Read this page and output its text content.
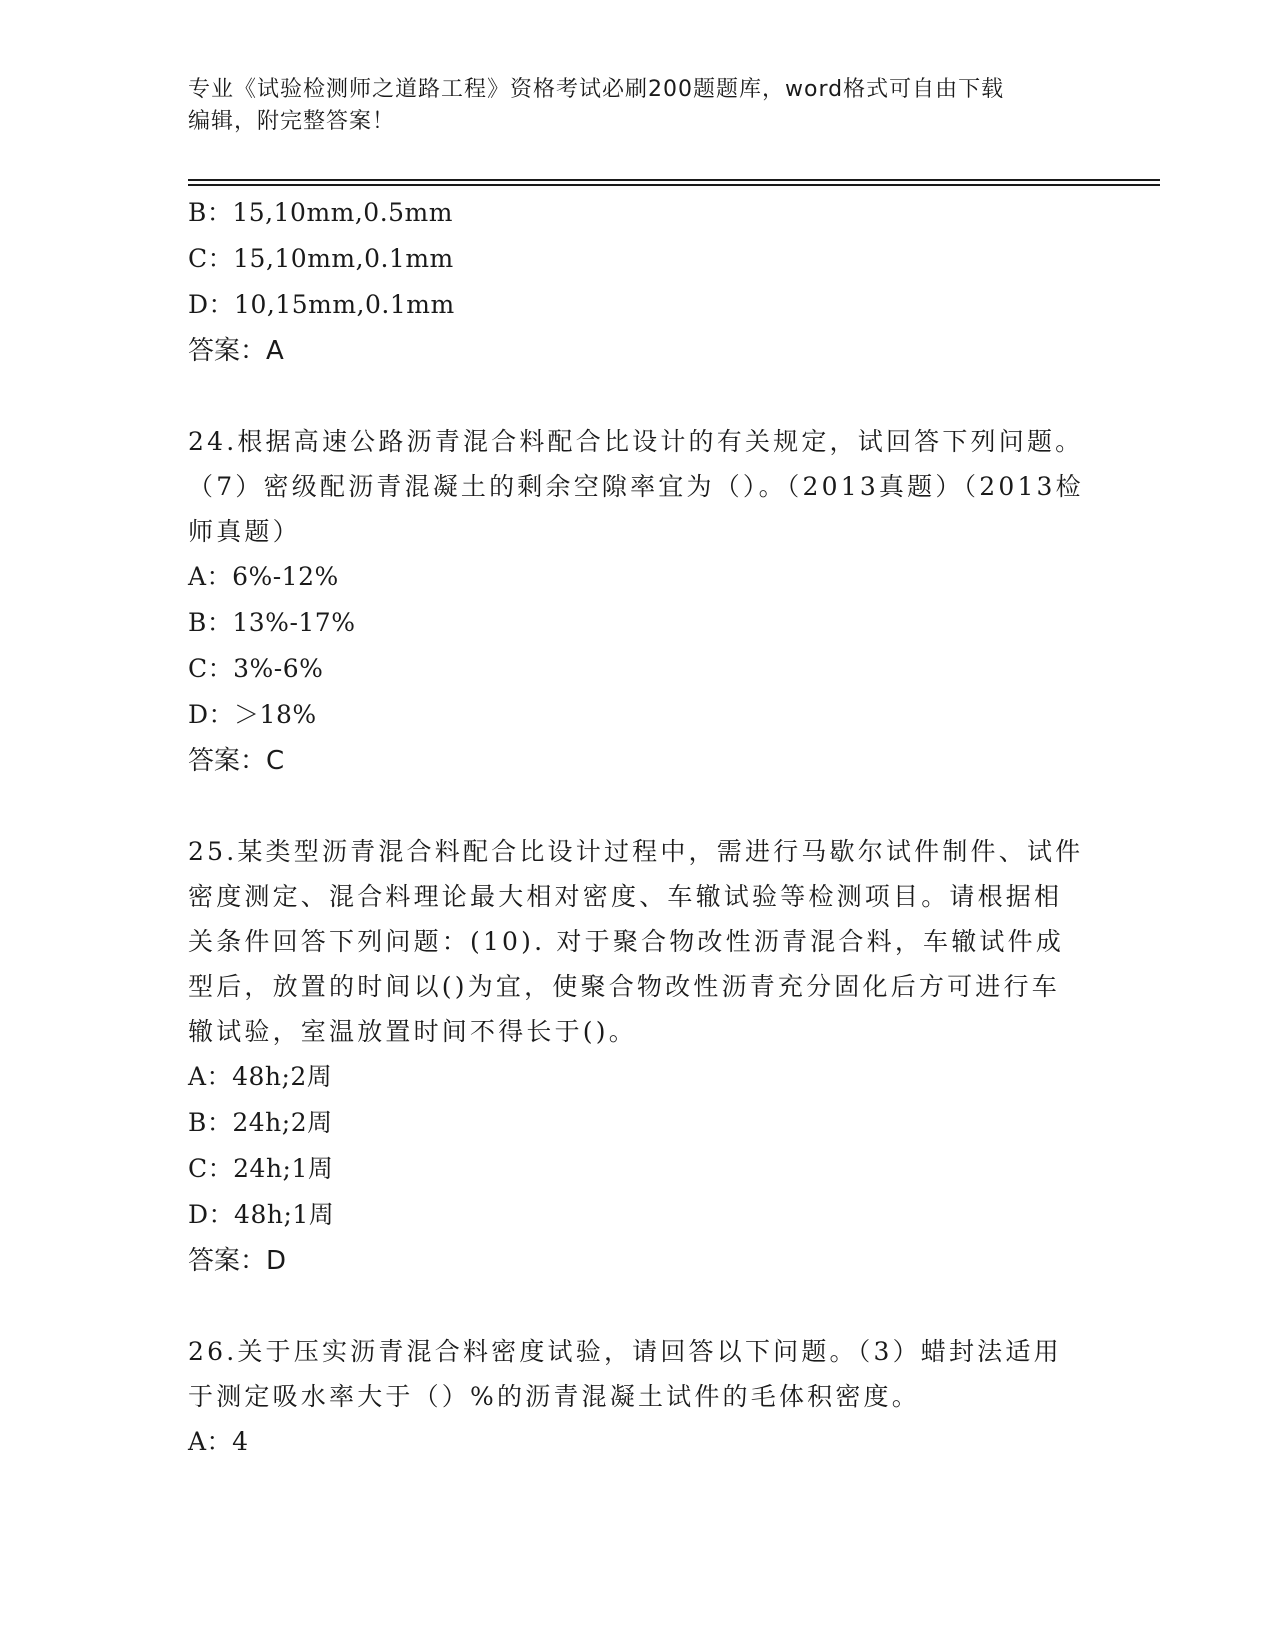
专业《试验检测师之道路工程》资格考试必刷200题题库，word格式可自由下载
编辑，附完整答案！
B：15,10mm,0.5mm
C：15,10mm,0.1mm
D：10,15mm,0.1mm
答案：A
24.根据高速公路沥青混合料配合比设计的有关规定，试回答下列问题。（7）密级配沥青混凝土的剩余空隙率宜为（）。（2013真题）（2013检师真题）
A：6%-12%
B：13%-17%
C：3%-6%
D：＞18%
答案：C
25.某类型沥青混合料配合比设计过程中，需进行马歇尔试件制件、试件密度测定、混合料理论最大相对密度、车辙试验等检测项目。请根据相关条件回答下列问题：(10). 对于聚合物改性沥青混合料，车辙试件成型后，放置的时间以()为宜，使聚合物改性沥青充分固化后方可进行车辙试验，室温放置时间不得长于()。
A：48h;2周
B：24h;2周
C：24h;1周
D：48h;1周
答案：D
26.关于压实沥青混合料密度试验，请回答以下问题。（3）蜡封法适用于测定吸水率大于（）%的沥青混凝土试件的毛体积密度。
A：4
